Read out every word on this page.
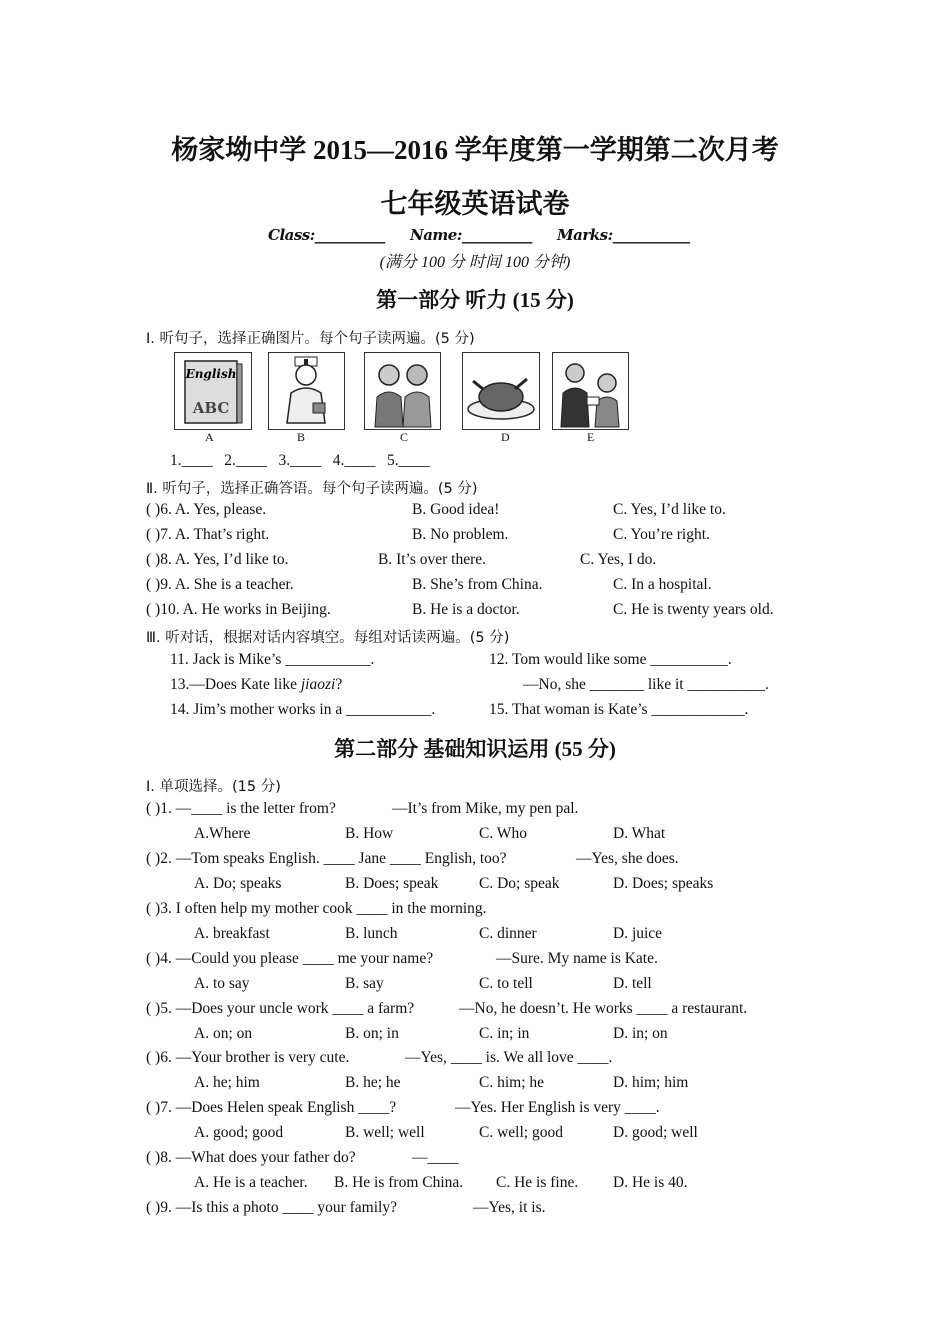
杨家坳中学 2015—2016 学年度第一学期第二次月考
七年级英语试卷
Class:__________ Name:__________ Marks:___________
(满分 100 分 时间 100 分钟)
第一部分 听力 (15 分)
Ⅰ. 听句子，选择正确图片。每个句子读两遍。(5 分)
English
ABC
A	B	C	D	E
1.____   2.____   3.____   4.____   5.____
Ⅱ. 听句子，选择正确答语。每个句子读两遍。(5 分)
( )6. A. Yes, please.	B. Good idea!	C. Yes, I’d like to.
( )7. A. That’s right.	B. No problem.	C. You’re right.
( )8. A. Yes, I’d like to.	B. It’s over there.	C. Yes, I do.
( )9. A. She is a teacher.	B. She’s from China.	C. In a hospital.
( )10. A. He works in Beijing.	B. He is a doctor.	C. He is twenty years old.
Ⅲ. 听对话，根据对话内容填空。每组对话读两遍。(5 分)
11. Jack is Mike’s ___________.	12. Tom would like some __________.
13.—Does Kate like jiaozi?	—No, she _______ like it __________.
14. Jim’s mother works in a ___________.	15. That woman is Kate’s ____________.
第二部分 基础知识运用 (55 分)
Ⅰ. 单项选择。(15 分)
( )1. —____ is the letter from?	—It’s from Mike, my pen pal.
A.Where	B. How	C. Who	D. What
( )2. —Tom speaks English. ____ Jane ____ English, too?	—Yes, she does.
A. Do; speaks	B. Does; speak	C. Do; speak	D. Does; speaks
( )3. I often help my mother cook ____ in the morning.
A. breakfast	B. lunch	C. dinner	D. juice
( )4. —Could you please ____ me your name?	—Sure. My name is Kate.
A. to say	B. say	C. to tell	D. tell
( )5. —Does your uncle work ____ a farm?	—No, he doesn’t. He works ____ a restaurant.
A. on; on	B. on; in	C. in; in	D. in; on
( )6. —Your brother is very cute.	—Yes, ____ is. We all love ____.
A. he; him	B. he; he	C. him; he	D. him; him
( )7. —Does Helen speak English ____?	—Yes. Her English is very ____.
A. good; good	B. well; well	C. well; good	D. good; well
( )8. —What does your father do?	—____
A. He is a teacher. B. He is from China. C. He is fine. D. He is 40.
( )9. —Is this a photo ____ your family?	—Yes, it is.
